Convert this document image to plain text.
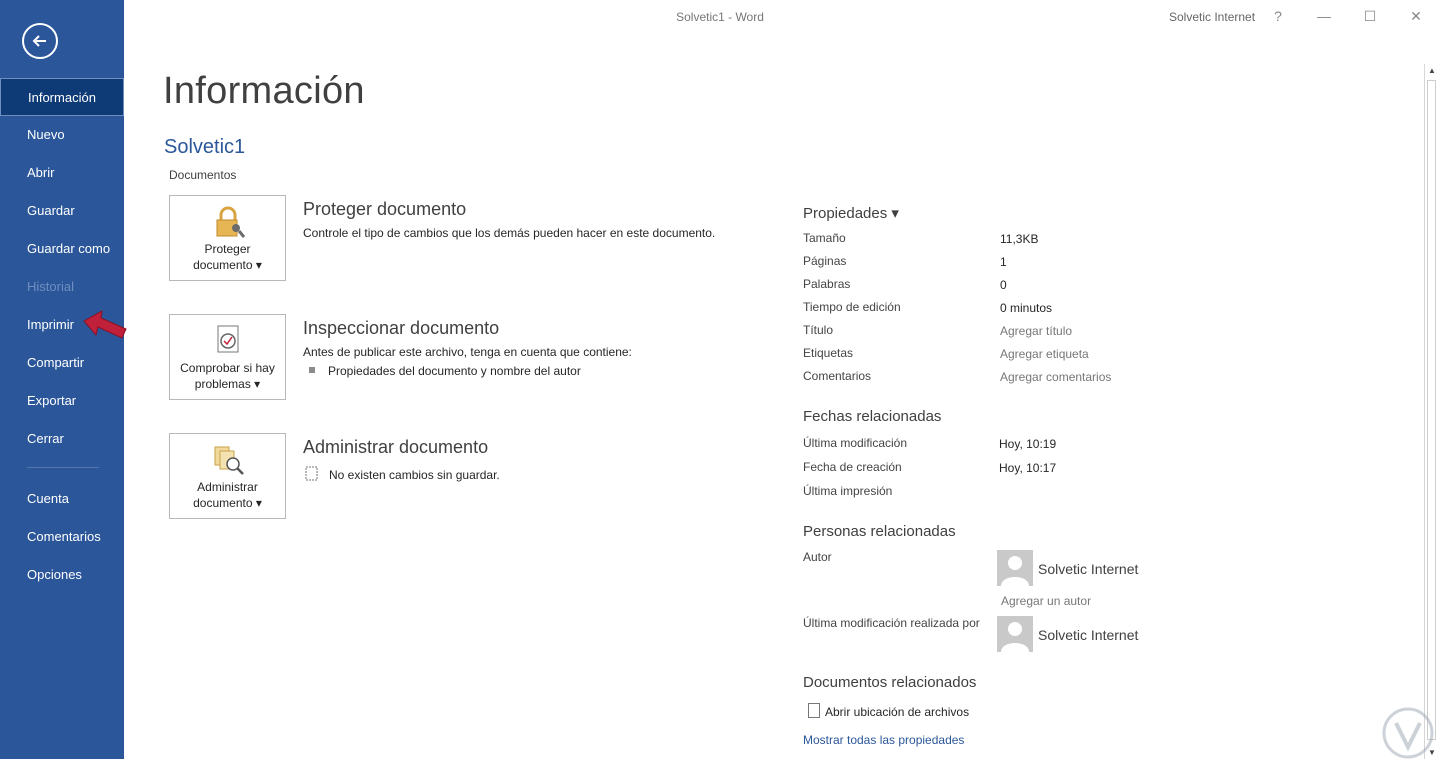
Información
Nuevo
Abrir
Guardar
Guardar como
Historial
Imprimir
Compartir
Exportar
Cerrar
Cuenta
Comentarios
Opciones
Solvetic1 - Word	Solvetic Internet	?	—	☐	✕
▲
▼
Información
Solvetic1
Documentos
Proteger
documento ▾
Proteger documento
Controle el tipo de cambios que los demás pueden hacer en este documento.
Comprobar si hay
problemas ▾
Inspeccionar documento
Antes de publicar este archivo, tenga en cuenta que contiene:
Propiedades del documento y nombre del autor
Administrar
documento ▾
Administrar documento
No existen cambios sin guardar.
Propiedades ▾
Tamaño	11,3KB
Páginas	1
Palabras	0
Tiempo de edición	0 minutos
Título	Agregar título
Etiquetas	Agregar etiqueta
Comentarios	Agregar comentarios
Fechas relacionadas
Última modificación	Hoy, 10:19
Fecha de creación	Hoy, 10:17
Última impresión
Personas relacionadas
Autor
Solvetic Internet
Agregar un autor
Última modificación realizada por
Solvetic Internet
Documentos relacionados
Abrir ubicación de archivos
Mostrar todas las propiedades
